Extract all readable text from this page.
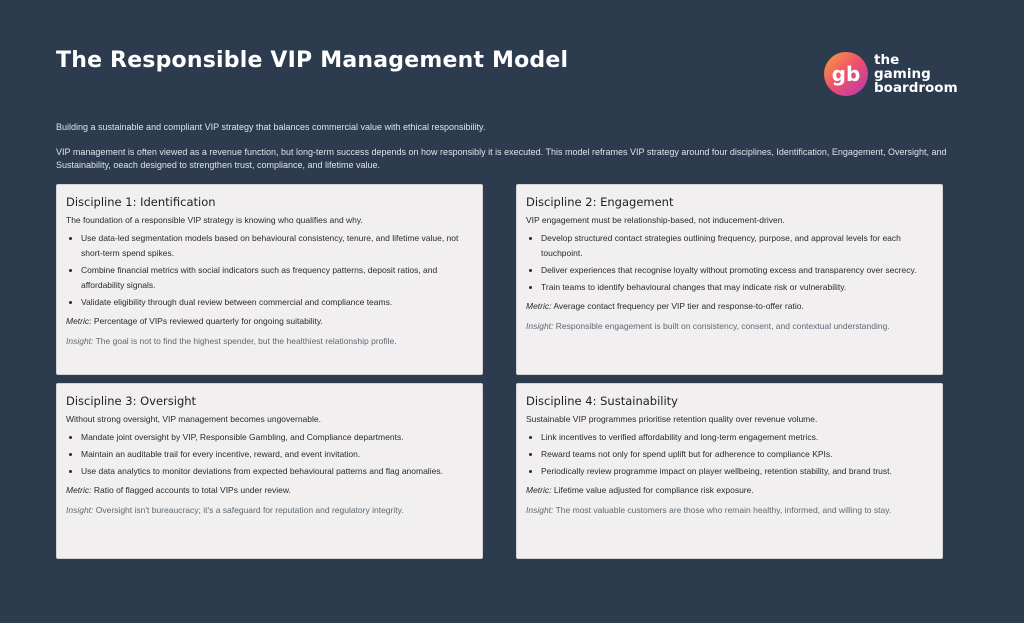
The Responsible VIP Management Model
gb
the
gaming
boardroom
Building a sustainable and compliant VIP strategy that balances commercial value with ethical responsibility.
VIP management is often viewed as a revenue function, but long-term success depends on how responsibly it is executed. This model reframes VIP strategy around four disciplines, Identification, Engagement, Oversight, and Sustainability, oeach designed to strengthen trust, compliance, and lifetime value.
Discipline 1: Identification
The foundation of a responsible VIP strategy is knowing who qualifies and why.
• Use data-led segmentation models based on behavioural consistency, tenure, and lifetime value, not short-term spend spikes.
• Combine financial metrics with social indicators such as frequency patterns, deposit ratios, and affordability signals.
• Validate eligibility through dual review between commercial and compliance teams.
Metric: Percentage of VIPs reviewed quarterly for ongoing suitability.
Insight: The goal is not to find the highest spender, but the healthiest relationship profile.
Discipline 2: Engagement
VIP engagement must be relationship-based, not inducement-driven.
• Develop structured contact strategies outlining frequency, purpose, and approval levels for each touchpoint.
• Deliver experiences that recognise loyalty without promoting excess and transparency over secrecy.
• Train teams to identify behavioural changes that may indicate risk or vulnerability.
Metric: Average contact frequency per VIP tier and response-to-offer ratio.
Insight: Responsible engagement is built on consistency, consent, and contextual understanding.
Discipline 3: Oversight
Without strong oversight, VIP management becomes ungovernable.
• Mandate joint oversight by VIP, Responsible Gambling, and Compliance departments.
• Maintain an auditable trail for every incentive, reward, and event invitation.
• Use data analytics to monitor deviations from expected behavioural patterns and flag anomalies.
Metric: Ratio of flagged accounts to total VIPs under review.
Insight: Oversight isn't bureaucracy; it's a safeguard for reputation and regulatory integrity.
Discipline 4: Sustainability
Sustainable VIP programmes prioritise retention quality over revenue volume.
• Link incentives to verified affordability and long-term engagement metrics.
• Reward teams not only for spend uplift but for adherence to compliance KPIs.
• Periodically review programme impact on player wellbeing, retention stability, and brand trust.
Metric: Lifetime value adjusted for compliance risk exposure.
Insight: The most valuable customers are those who remain healthy, informed, and willing to stay.
